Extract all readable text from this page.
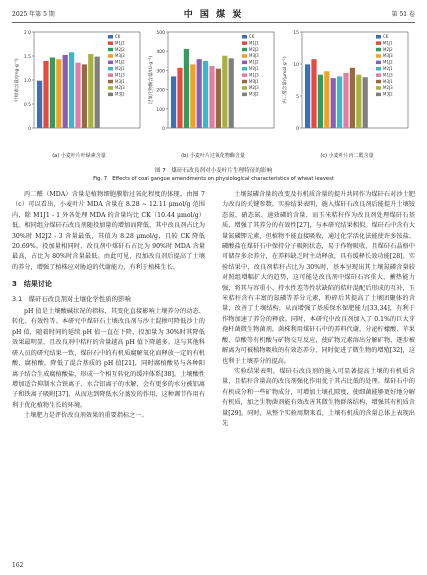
2025 年第 5 期	中 国 煤 炭	第 51 卷
0
0.5
1.0
1.5
2.0
叶绿素含量/(mg·g⁻¹)
CK
M1J1
M2J2
M3J3
M1J2
M2J1
M1J3
M3J1
M2J3
M3J2
0
100
200
300
400
500
过氧化物酶含量/(U·g⁻¹)
CK
M1J1
M2J2
M3J3
M1J2
M2J1
M1J3
M3J1
M2J3
M3J2
0
5
10
15
丙二醛含量/(μmol·g⁻¹)
CK
M1J1
M2J2
M3J3
M1J2
M2J1
M1J3
M3J1
M2J3
M3J2
(a) 小麦叶片叶绿素含量	(b) 小麦叶片过氧化物酶含量	(c) 小麦叶片丙二醛含量
图 7　煤矸石改良剂对小麦叶片生理特征的影响
Fig. 7　Effects of coal gangue amendments on physiological characteristics of wheat leavest

丙二醛（MDA）含量是植物细胞膜脂过氧化程度的体现。由图 7（c）可以看出，小麦叶片 MDA 含量在 8.28 ~ 12.11 μmol/g 范围内，除 M1J1 - 1 外各处理 MDA 的含量均比 CK（10.44 μmol/g）低。相同组分煤矸石改良剂随投加量的增加而降低，其中改良剂占比为 30%时 M2J2 - 3 含量最低，其值为 8.28 μmol/g，且较 CK 降低 20.69%。投加量相同时，改良剂中煤矸石占比为 90%时 MDA 含量最高，占比为 80%时含量最低。由此可见，投加改良剂后提高了土壤的养分，增强了植株应对胁迫的代谢能力，有利于植株生长。

3　结果讨论

3.1　煤矸石改良剂对土壤化学性质的影响

pH 值是土壤酸碱状况的指标，其变化直接影响土壤养分的动态、转化、有效性等。本研究中煤矸石土壤改良剂与沙土混掺可降低沙土的 pH 值，随着时间的延续 pH 值一直在下降，投加量为 30%时其降低效果最明显，且改良剂中秸秆的含量越高 pH 值下降越多。这与其他科研人员的研究结果一致，煤矸石中的有机质腐解氧化而释放一定的有机酸、腐植酸，降低了混合基质的 pH 值[21]，同时腐植酸易与各种阳离子结合生成腐植酸盐，形成一个相互转化的缓冲体系[38]。土壤酸性增加适合抑制水合铁离子、水合铝离子的水解，会有更多的水分被铝离子和铁离子吸附[37]，从而达到降低水分蒸发的作用，这种调节作用有利于优化植物生长的环境。

土壤肥力是评价改良剂效果的重要指标之一。

土壤氮磷含量的改变及有机质含量的提升共同作为煤矸石对沙土肥力改良的关键参数。实验结果表明，施入煤矸石改良剂后能提升土壤铵态氮、硝态氮、速效磷的含量，而玉米秸秆作为改良剂处理煤矸石基质，增强了其养分的有效性[27]，与本研究结果相似。煤矸石中含有大量氮磷钾元素，但植物不能直接吸收，通过化学活化法能使许多铵盐、磷酸盐在煤矸石中保持分子吸附状态，易于作物吸收，且煤矸石晶格中可储存多余养分，在养料缺乏时主动释放，具有缓释长效功能[28]。实验结果中，改良剂秸秆占比为 30%时，基本呈现出其土壤氮磷含量较对照组增幅扩大的趋势，这可能是改良剂中煤矸石容重大、蓄热能力强，将其与容重小、持水性差等性状缺陷的秸秆混配后形成的互补，玉米秸秆含有丰富的氮磷等养分元素，粉碎后其提高了土壤团聚体的含量，改善了土壤结构，从而增强了基质保水保肥能力[33,34]，有利于作物加速了养分的释放。同时，本研究中改良剂加入了 0.1%的巨大芽孢杆菌微生物菌剂，菌株利用煤矸石中的养料代谢，分泌柠檬酸、苹果酸、草酸等有机酸与矿物交互反应，使矿物元素溶出分解矿物，逐步被解离为可被植物吸收的有效态养分，同时促进了微生物的增殖[32]，这也利于土壤养分的提高。

实验结果表明，煤矸石改良剂的施入可显著提高土壤的有机质含量，且秸秆含量高的改良剂强化作用优于其占比低的处理。煤矸石中的有机成分和一些矿物成分，可增加土壤孔隙度，使细菌能够更好地分解有机质，加之生物菌剂能有效改善其微生物群落结构，增强其有机质含量[29]。同时，从整个实验周期来看，土壤有机质的含量总体上表现出先

162
